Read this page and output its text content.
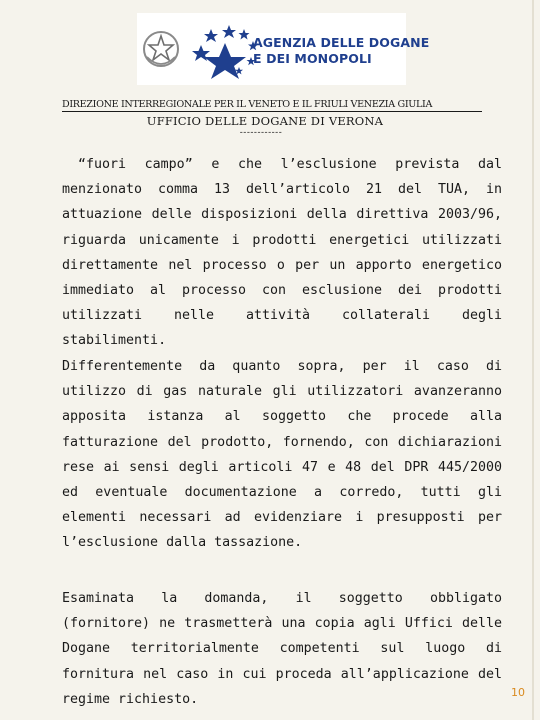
AGENZIA DELLE DOGANE
E DEI MONOPOLI
DIREZIONE INTERREGIONALE PER IL VENETO E IL FRIULI VENEZIA GIULIA
UFFICIO DELLE DOGANE DI VERONA
------------

“fuori campo” e che l’esclusione prevista dal menzionato comma 13 dell’articolo 21 del TUA, in attuazione delle disposizioni della direttiva 2003/96, riguarda unicamente i prodotti energetici utilizzati direttamente nel processo o per un apporto energetico immediato al processo con esclusione dei prodotti utilizzati nelle attività collaterali degli stabilimenti.

Differentemente da quanto sopra, per il caso di utilizzo di gas naturale gli utilizzatori avanzeranno apposita istanza al soggetto che procede alla fatturazione del prodotto, fornendo, con dichiarazioni rese ai sensi degli articoli 47 e 48 del DPR 445/2000 ed eventuale documentazione a corredo, tutti gli elementi necessari ad evidenziare i presupposti per l’esclusione dalla tassazione.

Esaminata la domanda, il soggetto obbligato (fornitore) ne trasmetterà una copia agli Uffici delle Dogane territorialmente competenti sul luogo di fornitura nel caso in cui proceda all’applicazione del regime richiesto.	10
